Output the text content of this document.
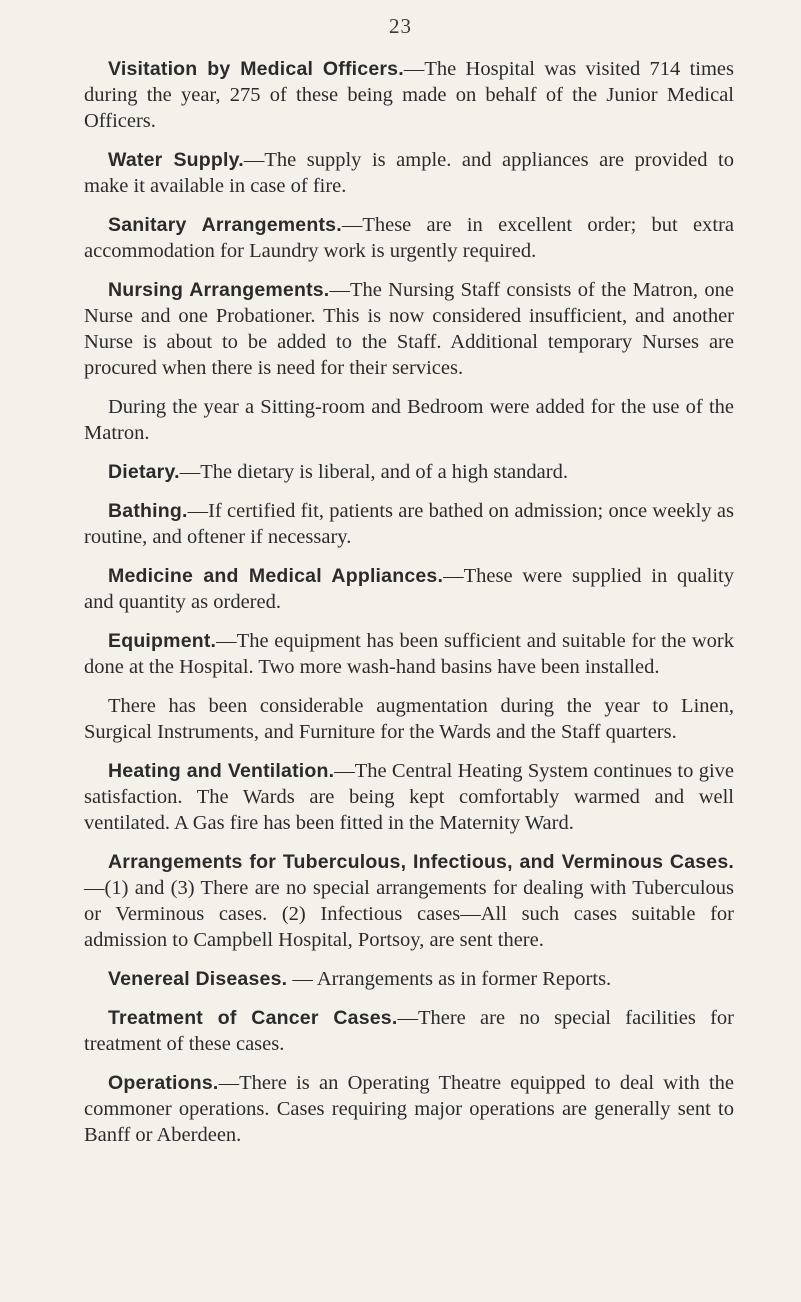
23

Visitation by Medical Officers.—The Hospital was visited 714 times during the year, 275 of these being made on behalf of the Junior Medical Officers.

Water Supply.—The supply is ample. and appliances are provided to make it available in case of fire.

Sanitary Arrangements.—These are in excellent order; but extra accommodation for Laundry work is urgently required.

Nursing Arrangements.—The Nursing Staff consists of the Matron, one Nurse and one Probationer. This is now considered insufficient, and another Nurse is about to be added to the Staff. Additional temporary Nurses are procured when there is need for their services.

During the year a Sitting-room and Bedroom were added for the use of the Matron.

Dietary.—The dietary is liberal, and of a high standard.

Bathing.—If certified fit, patients are bathed on admission; once weekly as routine, and oftener if necessary.

Medicine and Medical Appliances.—These were supplied in quality and quantity as ordered.

Equipment.—The equipment has been sufficient and suitable for the work done at the Hospital. Two more wash-hand basins have been installed.

There has been considerable augmentation during the year to Linen, Surgical Instruments, and Furniture for the Wards and the Staff quarters.

Heating and Ventilation.—The Central Heating System continues to give satisfaction. The Wards are being kept comfortably warmed and well ventilated. A Gas fire has been fitted in the Maternity Ward.

Arrangements for Tuberculous, Infectious, and Verminous Cases.—(1) and (3) There are no special arrangements for dealing with Tuberculous or Verminous cases. (2) Infectious cases—All such cases suitable for admission to Campbell Hospital, Portsoy, are sent there.

Venereal Diseases. — Arrangements as in former Reports.

Treatment of Cancer Cases.—There are no special facilities for treatment of these cases.

Operations.—There is an Operating Theatre equipped to deal with the commoner operations. Cases requiring major operations are generally sent to Banff or Aberdeen.
